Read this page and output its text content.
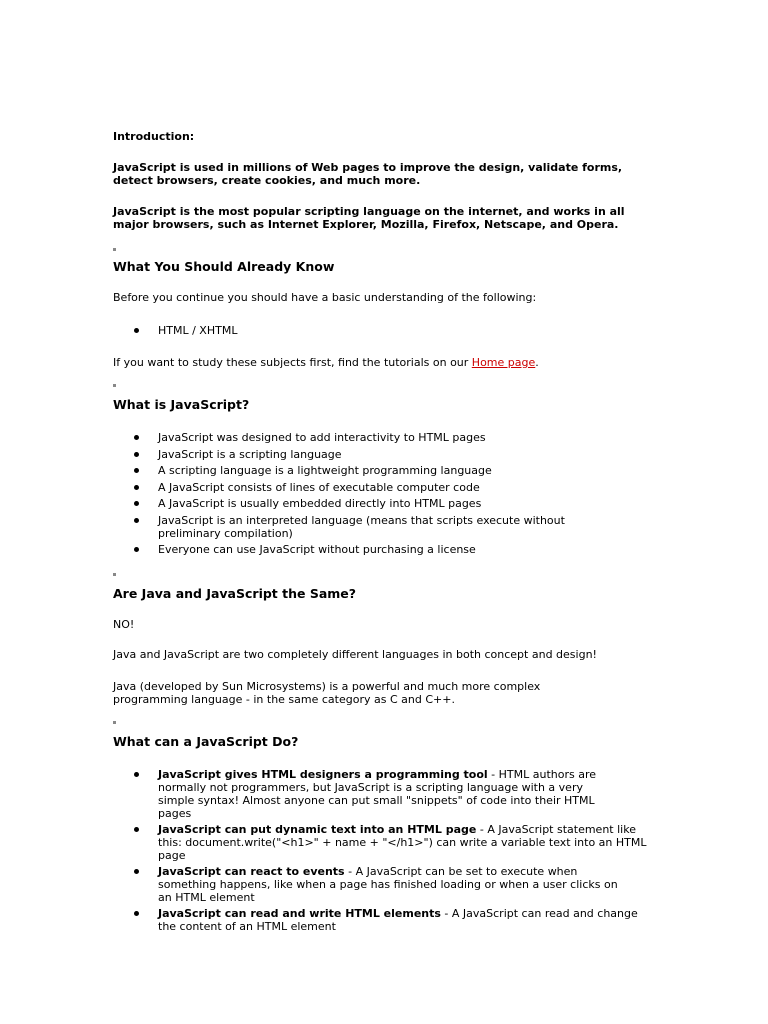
Introduction:
JavaScript is used in millions of Web pages to improve the design, validate forms, detect browsers, create cookies, and much more.
JavaScript is the most popular scripting language on the internet, and works in all major browsers, such as Internet Explorer, Mozilla, Firefox, Netscape, and Opera.
What You Should Already Know
Before you continue you should have a basic understanding of the following:
HTML / XHTML
If you want to study these subjects first, find the tutorials on our Home page.
What is JavaScript?
JavaScript was designed to add interactivity to HTML pages
JavaScript is a scripting language
A scripting language is a lightweight programming language
A JavaScript consists of lines of executable computer code
A JavaScript is usually embedded directly into HTML pages
JavaScript is an interpreted language (means that scripts execute without preliminary compilation)
Everyone can use JavaScript without purchasing a license
Are Java and JavaScript the Same?
NO!
Java and JavaScript are two completely different languages in both concept and design!
Java (developed by Sun Microsystems) is a powerful and much more complex programming language - in the same category as C and C++.
What can a JavaScript Do?
JavaScript gives HTML designers a programming tool - HTML authors are normally not programmers, but JavaScript is a scripting language with a very simple syntax! Almost anyone can put small "snippets" of code into their HTML pages
JavaScript can put dynamic text into an HTML page - A JavaScript statement like this: document.write("<h1>" + name + "</h1>") can write a variable text into an HTML page
JavaScript can react to events - A JavaScript can be set to execute when something happens, like when a page has finished loading or when a user clicks on an HTML element
JavaScript can read and write HTML elements - A JavaScript can read and change the content of an HTML element
